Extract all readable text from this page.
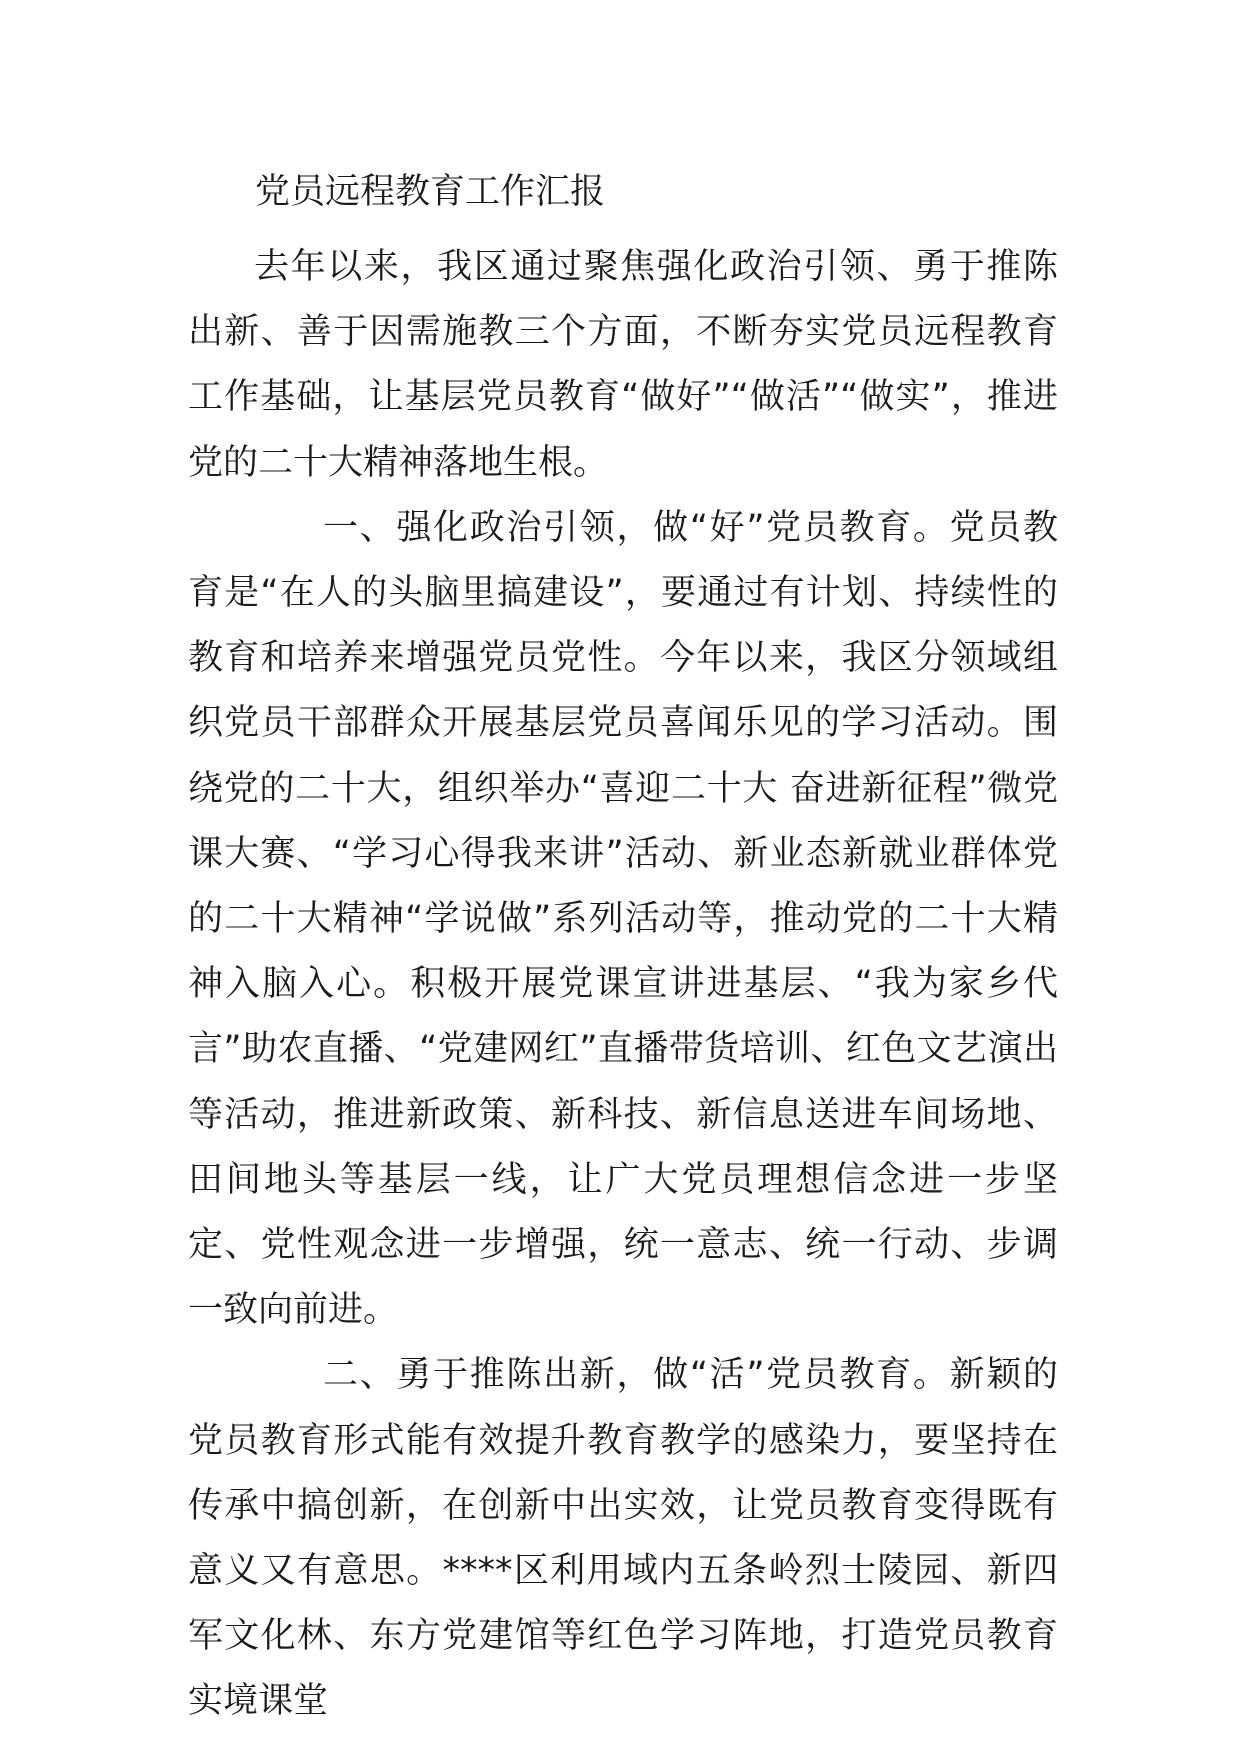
党员远程教育工作汇报

去年以来，我区通过聚焦强化政治引领、勇于推陈出新、善于因需施教三个方面，不断夯实党员远程教育工作基础，让基层党员教育“做好”“做活”“做实”，推进党的二十大精神落地生根。

一、强化政治引领，做“好”党员教育。党员教育是“在人的头脑里搞建设”，要通过有计划、持续性的教育和培养来增强党员党性。今年以来，我区分领域组织党员干部群众开展基层党员喜闻乐见的学习活动。围绕党的二十大，组织举办“喜迎二十大 奋进新征程”微党课大赛、“学习心得我来讲”活动、新业态新就业群体党的二十大精神“学说做”系列活动等，推动党的二十大精神入脑入心。积极开展党课宣讲进基层、“我为家乡代言”助农直播、“党建网红”直播带货培训、红色文艺演出等活动，推进新政策、新科技、新信息送进车间场地、田间地头等基层一线，让广大党员理想信念进一步坚定、党性观念进一步增强，统一意志、统一行动、步调一致向前进。

二、勇于推陈出新，做“活”党员教育。新颖的党员教育形式能有效提升教育教学的感染力，要坚持在传承中搞创新，在创新中出实效，让党员教育变得既有意义又有意思。****区利用域内五条岭烈士陵园、新四军文化林、东方党建馆等红色学习阵地，打造党员教育实境课堂
